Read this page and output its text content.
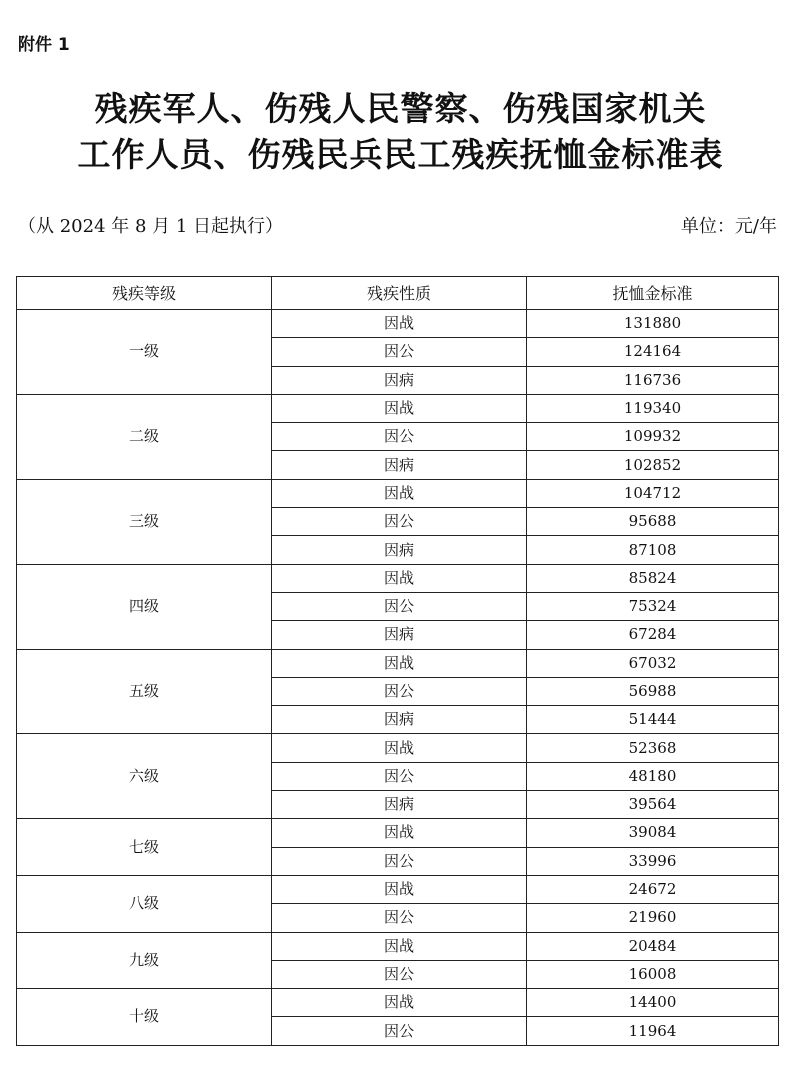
附件 1
残疾军人、伤残人民警察、伤残国家机关
工作人员、伤残民兵民工残疾抚恤金标准表
（从 2024 年 8 月 1 日起执行）	单位：元/年
残疾等级	残疾性质	抚恤金标准
一级	因战	131880
	因公	124164
	因病	116736
二级	因战	119340
	因公	109932
	因病	102852
三级	因战	104712
	因公	95688
	因病	87108
四级	因战	85824
	因公	75324
	因病	67284
五级	因战	67032
	因公	56988
	因病	51444
六级	因战	52368
	因公	48180
	因病	39564
七级	因战	39084
	因公	33996
八级	因战	24672
	因公	21960
九级	因战	20484
	因公	16008
十级	因战	14400
	因公	11964
